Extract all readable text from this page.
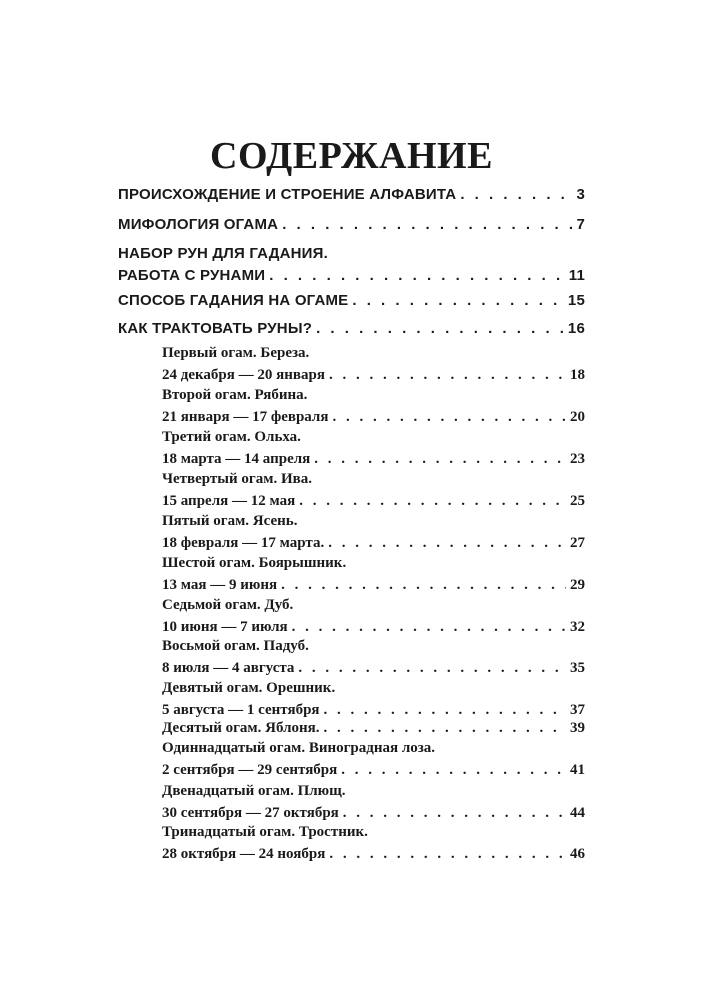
СОДЕРЖАНИЕ
ПРОИСХОЖДЕНИЕ И СТРОЕНИЕ АЛФАВИТА . . .	3
МИФОЛОГИЯ ОГАМА . . .	7
НАБОР РУН ДЛЯ ГАДАНИЯ.
РАБОТА С РУНАМИ . . .	11
СПОСОБ ГАДАНИЯ НА ОГАМЕ . . .	15
КАК ТРАКТОВАТЬ РУНЫ? . . .	16
Первый огам. Береза.
24 декабря — 20 января . . .	18
Второй огам. Рябина.
21 января — 17 февраля . . .	20
Третий огам. Ольха.
18 марта — 14 апреля . . .	23
Четвертый огам. Ива.
15 апреля — 12 мая . . .	25
Пятый огам. Ясень.
18 февраля — 17 марта. . . .	27
Шестой огам. Боярышник.
13 мая — 9 июня . . .	29
Седьмой огам. Дуб.
10 июня — 7 июля . . .	32
Восьмой огам. Падуб.
8 июля — 4 августа . . .	35
Девятый огам. Орешник.
5 августа — 1 сентября . . .	37
Десятый огам. Яблоня. . . .	39
Одиннадцатый огам. Виноградная лоза.
2 сентября — 29 сентября . . .	41
Двенадцатый огам. Плющ.
30 сентября — 27 октября . . .	44
Тринадцатый огам. Тростник.
28 октября — 24 ноября . . .	46
